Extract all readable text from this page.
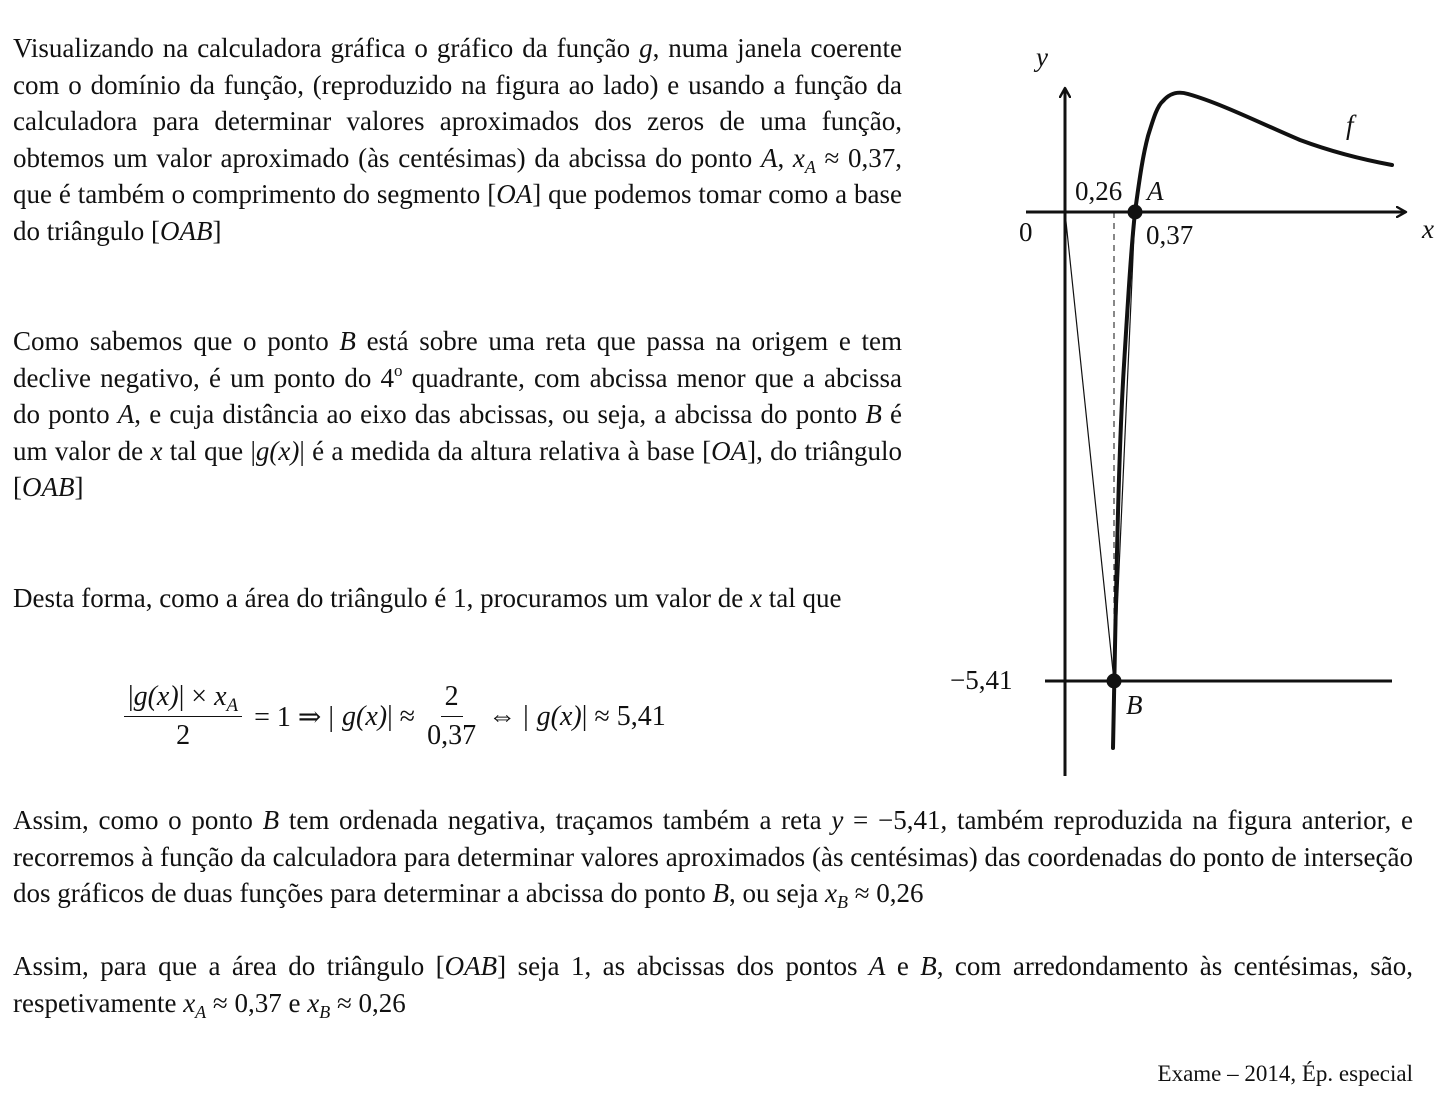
Visualizando na calculadora gráfica o gráfico da função g, numa janela coerente com o domínio da função, (reproduzido na figura ao lado) e usando a função da calculadora para determinar valores aproximados dos zeros de uma função, obtemos um valor aproximado (às centésimas) da abcissa do ponto A, $x_A \approx 0,37$, que é também o comprimento do segmento [OA] que podemos tomar como a base do triângulo [OAB]

Como sabemos que o ponto B está sobre uma reta que passa na origem e tem declive negativo, é um ponto do 4$^o$ quadrante, com abcissa menor que a abcissa do ponto A, e cuja distância ao eixo das abcissas, ou seja, a abcissa do ponto B é um valor de x tal que |g(x)| é a medida da altura relativa à base [OA], do triângulo [OAB]

Desta forma, como a área do triângulo é 1, procuramos um valor de x tal que

$\frac{|g(x)| \times x_A}{2} = 1$ ⇒ | g(x) | ≈ $\frac{2}{0,37}$ ⇔ | g(x) | ≈ 5,41

Assim, como o ponto B tem ordenada negativa, traçamos também a reta y = −5,41, também reproduzida na figura anterior, e recorremos à função da calculadora para determinar valores aproximados (às centésimas) das coordenadas do ponto de interseção dos gráficos de duas funções para determinar a abcissa do ponto B, ou seja $x_B \approx 0,26$

Assim, para que a área do triângulo [OAB] seja 1, as abcissas dos pontos A e B, com arredondamento às centésimas, são, respetivamente $x_A \approx 0,37$ e $x_B \approx 0,26$

y
x
0
f
A
B
0,26
0,37
−5,41
Exame – 2014, Ép. especial
